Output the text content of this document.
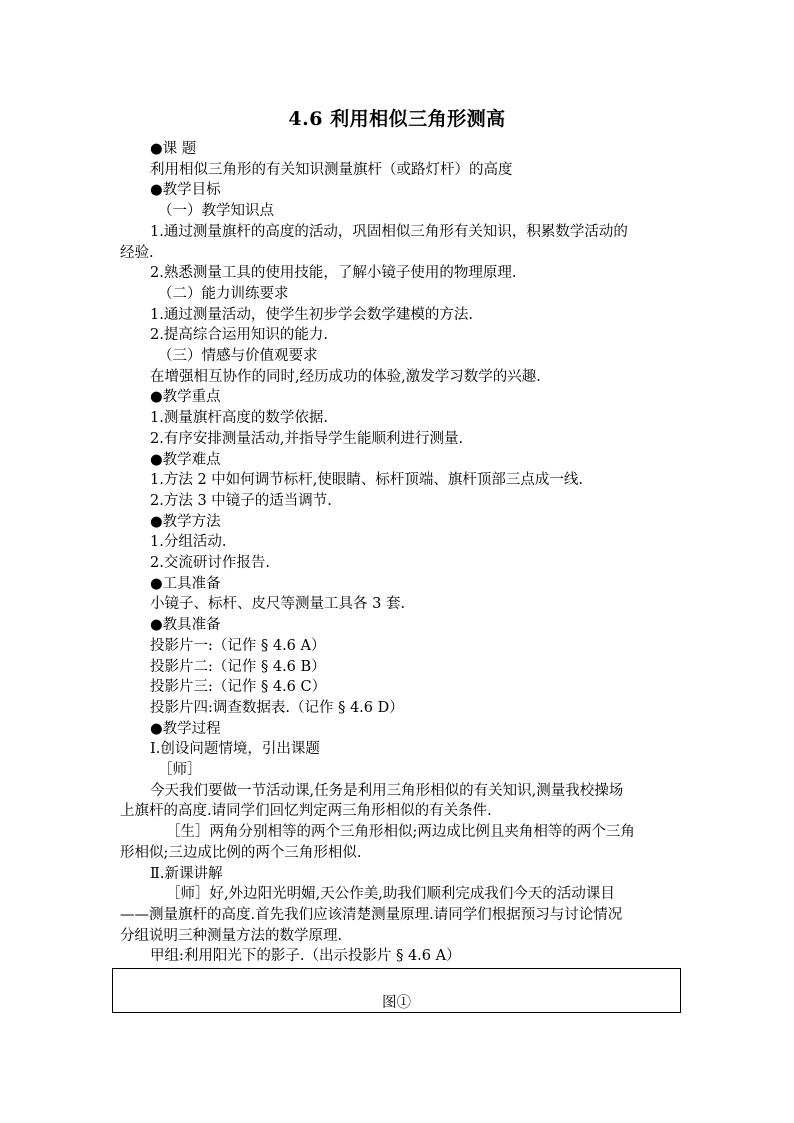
4.6 利用相似三角形测高
●课 题
利用相似三角形的有关知识测量旗杆（或路灯杆）的高度
●教学目标
（一）教学知识点
1.通过测量旗杆的高度的活动，巩固相似三角形有关知识，积累数学活动的
经验.
2.熟悉测量工具的使用技能，了解小镜子使用的物理原理.
（二）能力训练要求
1.通过测量活动，使学生初步学会数学建模的方法.
2.提高综合运用知识的能力.
（三）情感与价值观要求
在增强相互协作的同时,经历成功的体验,激发学习数学的兴趣.
●教学重点
1.测量旗杆高度的数学依据.
2.有序安排测量活动,并指导学生能顺利进行测量.
●教学难点
1.方法 2 中如何调节标杆,使眼睛、标杆顶端、旗杆顶部三点成一线.
2.方法 3 中镜子的适当调节.
●教学方法
1.分组活动.
2.交流研讨作报告.
●工具准备
小镜子、标杆、皮尺等测量工具各 3 套.
●教具准备
投影片一:（记作 § 4.6 A）
投影片二:（记作 § 4.6 B）
投影片三:（记作 § 4.6 C）
投影片四:调查数据表.（记作 § 4.6 D）
●教学过程
Ⅰ.创设问题情境，引出课题
［师］
今天我们要做一节活动课,任务是利用三角形相似的有关知识,测量我校操场
上旗杆的高度.请同学们回忆判定两三角形相似的有关条件.
［生］两角分别相等的两个三角形相似;两边成比例且夹角相等的两个三角
形相似;三边成比例的两个三角形相似.
Ⅱ.新课讲解
［师］好,外边阳光明媚,天公作美,助我们顺利完成我们今天的活动课目
——测量旗杆的高度.首先我们应该清楚测量原理.请同学们根据预习与讨论情况
分组说明三种测量方法的数学原理.
甲组:利用阳光下的影子.（出示投影片 § 4.6 A）
图①
